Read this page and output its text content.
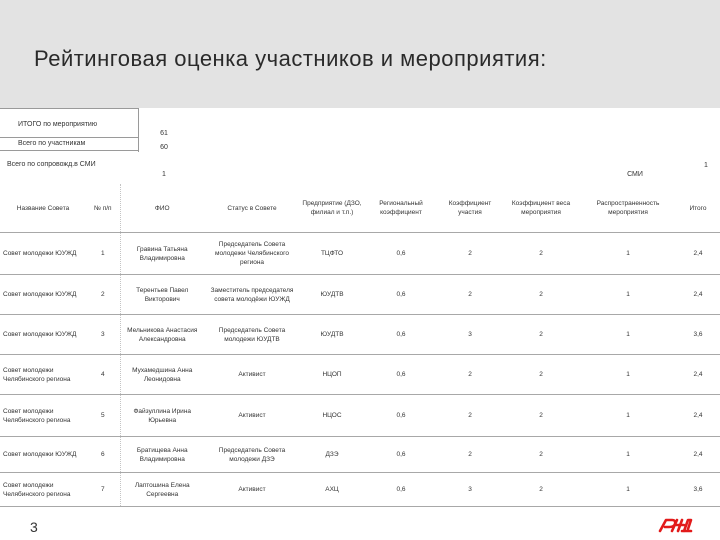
Рейтинговая оценка участников и мероприятия:
ИТОГО по мероприятию
61
Всего по участникам
60
Всего по сопровожд.в СМИ
1	СМИ
1
Название Совета	№ п/п	ФИО	Статус в Совете	Предприятие (ДЗО, филиал и т.п.)	Региональный коэффициент	Коэффициент участия	Коэффициент веса мероприятия	Распространенность мероприятия	Итого
Совет молодежи ЮУЖД	1	Гравина Татьяна Владимировна	Председатель Совета молодежи Челябинского региона	ТЦФТО	0,6	2	2	1	2,4
Совет молодежи ЮУЖД	2	Терентьев Павел Викторович	Заместитель председателя совета молодёжи ЮУЖД	ЮУДТВ	0,6	2	2	1	2,4
Совет молодежи ЮУЖД	3	Мельникова Анастасия Александровна	Председатель Совета молодежи ЮУДТВ	ЮУДТВ	0,6	3	2	1	3,6
Совет молодежи Челябинского региона	4	Мухамедшина Анна Леонидовна	Активист	НЦОП	0,6	2	2	1	2,4
Совет молодежи Челябинского региона	5	Файзуллина Ирина Юрьевна	Активист	НЦОС	0,6	2	2	1	2,4
Совет молодежи ЮУЖД	6	Братищева Анна Владимировна	Председатель Совета молодежи ДЗЭ	ДЗЭ	0,6	2	2	1	2,4
Совет молодежи Челябинского региона	7	Лаптошина Елена Сергеевна	Активист	АХЦ	0,6	3	2	1	3,6
3
